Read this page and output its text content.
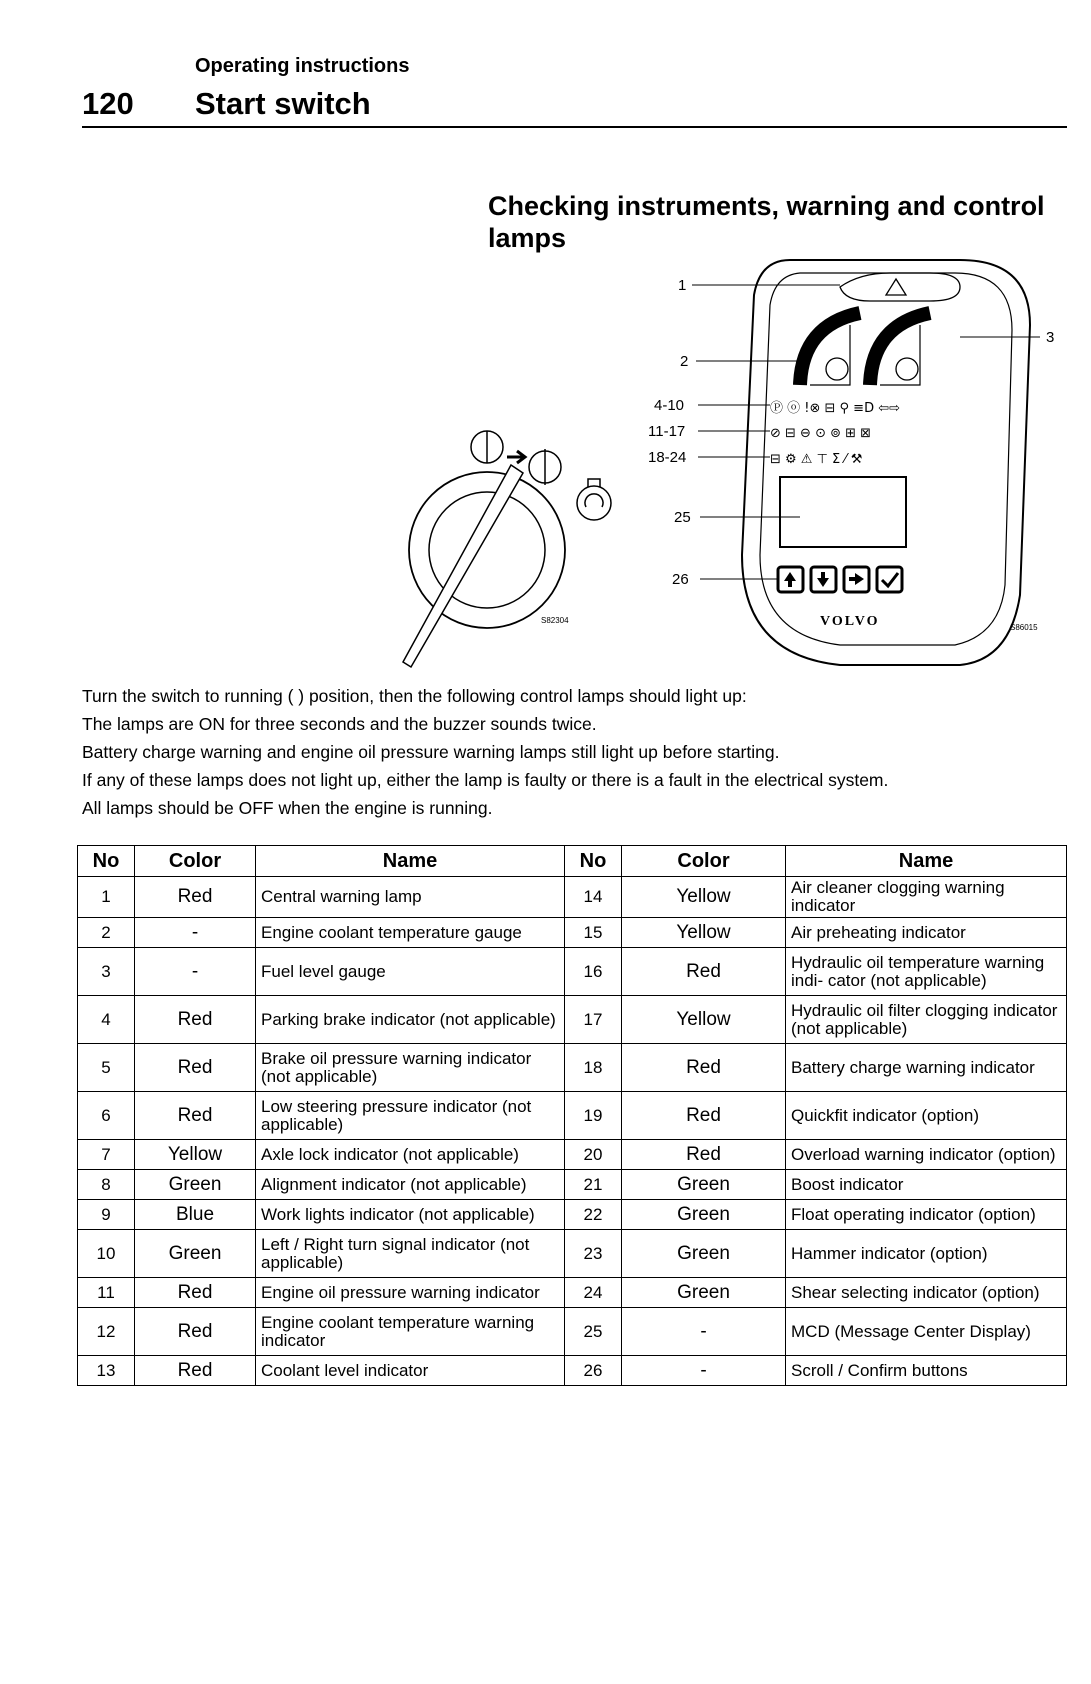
Operating instructions
120 Start switch
Checking instruments, warning and control lamps
S82304
Ⓟ ⓞ !⊗ ⊟ ⚲ ≡D ⇦⇨
⊘ ⊟ ⊖ ⊙ ⊚ ⊞ ⊠
⊟ ⚙ ⚠ ⊤ Σ ⁄ ⚒
VOLVO
1
2
3
4-10
11-17
18-24
25
26
S86015

Turn the switch to running ( ) position, then the following control lamps should light up:

The lamps are ON for three seconds and the buzzer sounds twice.

Battery charge warning and engine oil pressure warning lamps still light up before starting.

If any of these lamps does not light up, either the lamp is faulty or there is a fault in the electrical system.

All lamps should be OFF when the engine is running.

No	Color	Name	No	Color	Name
1	Red	Central warning lamp	14	Yellow	Air cleaner clogging warning indicator
2	-	Engine coolant temperature gauge	15	Yellow	Air preheating indicator
3	-	Fuel level gauge	16	Red	Hydraulic oil temperature warning indi- cator (not applicable)
4	Red	Parking brake indicator (not applicable)	17	Yellow	Hydraulic oil filter clogging indicator (not applicable)
5	Red	Brake oil pressure warning indicator (not applicable)	18	Red	Battery charge warning indicator
6	Red	Low steering pressure indicator (not applicable)	19	Red	Quickfit indicator (option)
7	Yellow	Axle lock indicator (not applicable)	20	Red	Overload warning indicator (option)
8	Green	Alignment indicator (not applicable)	21	Green	Boost indicator
9	Blue	Work lights indicator (not applicable)	22	Green	Float operating indicator (option)
10	Green	Left / Right turn signal indicator (not applicable)	23	Green	Hammer indicator (option)
11	Red	Engine oil pressure warning indicator	24	Green	Shear selecting indicator (option)
12	Red	Engine coolant temperature warning indicator	25	-	MCD (Message Center Display)
13	Red	Coolant level indicator	26	-	Scroll / Confirm buttons
